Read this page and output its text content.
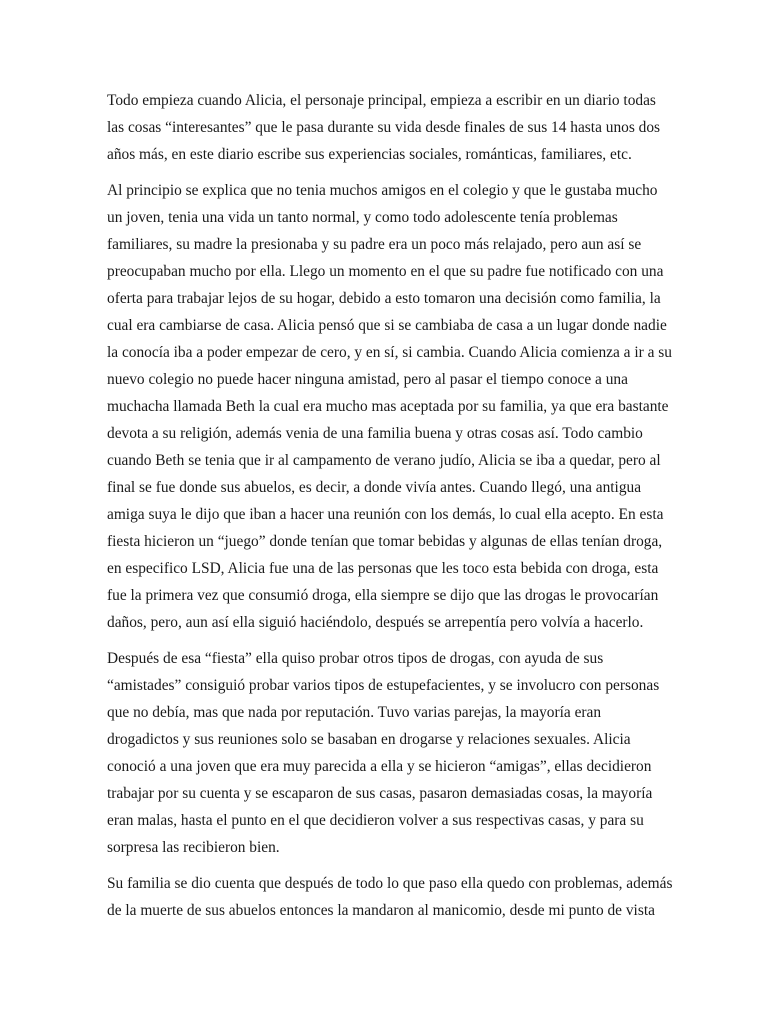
Todo empieza cuando Alicia, el personaje principal, empieza a escribir en un diario todas
las cosas “interesantes” que le pasa durante su vida desde finales de sus 14 hasta unos dos
años más, en este diario escribe sus experiencias sociales, románticas, familiares, etc.
Al principio se explica que no tenia muchos amigos en el colegio y que le gustaba mucho
un joven, tenia una vida un tanto normal, y como todo adolescente tenía problemas
familiares, su madre la presionaba y su padre era un poco más relajado, pero aun así se
preocupaban mucho por ella. Llego un momento en el que su padre fue notificado con una
oferta para trabajar lejos de su hogar, debido a esto tomaron una decisión como familia, la
cual era cambiarse de casa. Alicia pensó que si se cambiaba de casa a un lugar donde nadie
la conocía iba a poder empezar de cero, y en sí, si cambia. Cuando Alicia comienza a ir a su
nuevo colegio no puede hacer ninguna amistad, pero al pasar el tiempo conoce a una
muchacha llamada Beth la cual era mucho mas aceptada por su familia, ya que era bastante
devota a su religión, además venia de una familia buena y otras cosas así. Todo cambio
cuando Beth se tenia que ir al campamento de verano judío, Alicia se iba a quedar, pero al
final se fue donde sus abuelos, es decir, a donde vivía antes. Cuando llegó, una antigua
amiga suya le dijo que iban a hacer una reunión con los demás, lo cual ella acepto. En esta
fiesta hicieron un “juego” donde tenían que tomar bebidas y algunas de ellas tenían droga,
en especifico LSD, Alicia fue una de las personas que les toco esta bebida con droga, esta
fue la primera vez que consumió droga, ella siempre se dijo que las drogas le provocarían
daños, pero, aun así ella siguió haciéndolo, después se arrepentía pero volvía a hacerlo.
Después de esa “fiesta” ella quiso probar otros tipos de drogas, con ayuda de sus
“amistades” consiguió probar varios tipos de estupefacientes, y se involucro con personas
que no debía, mas que nada por reputación. Tuvo varias parejas, la mayoría eran
drogadictos y sus reuniones solo se basaban en drogarse y relaciones sexuales. Alicia
conoció a una joven que era muy parecida a ella y se hicieron “amigas”, ellas decidieron
trabajar por su cuenta y se escaparon de sus casas, pasaron demasiadas cosas, la mayoría
eran malas, hasta el punto en el que decidieron volver a sus respectivas casas, y para su
sorpresa las recibieron bien.
Su familia se dio cuenta que después de todo lo que paso ella quedo con problemas, además
de la muerte de sus abuelos entonces la mandaron al manicomio, desde mi punto de vista
